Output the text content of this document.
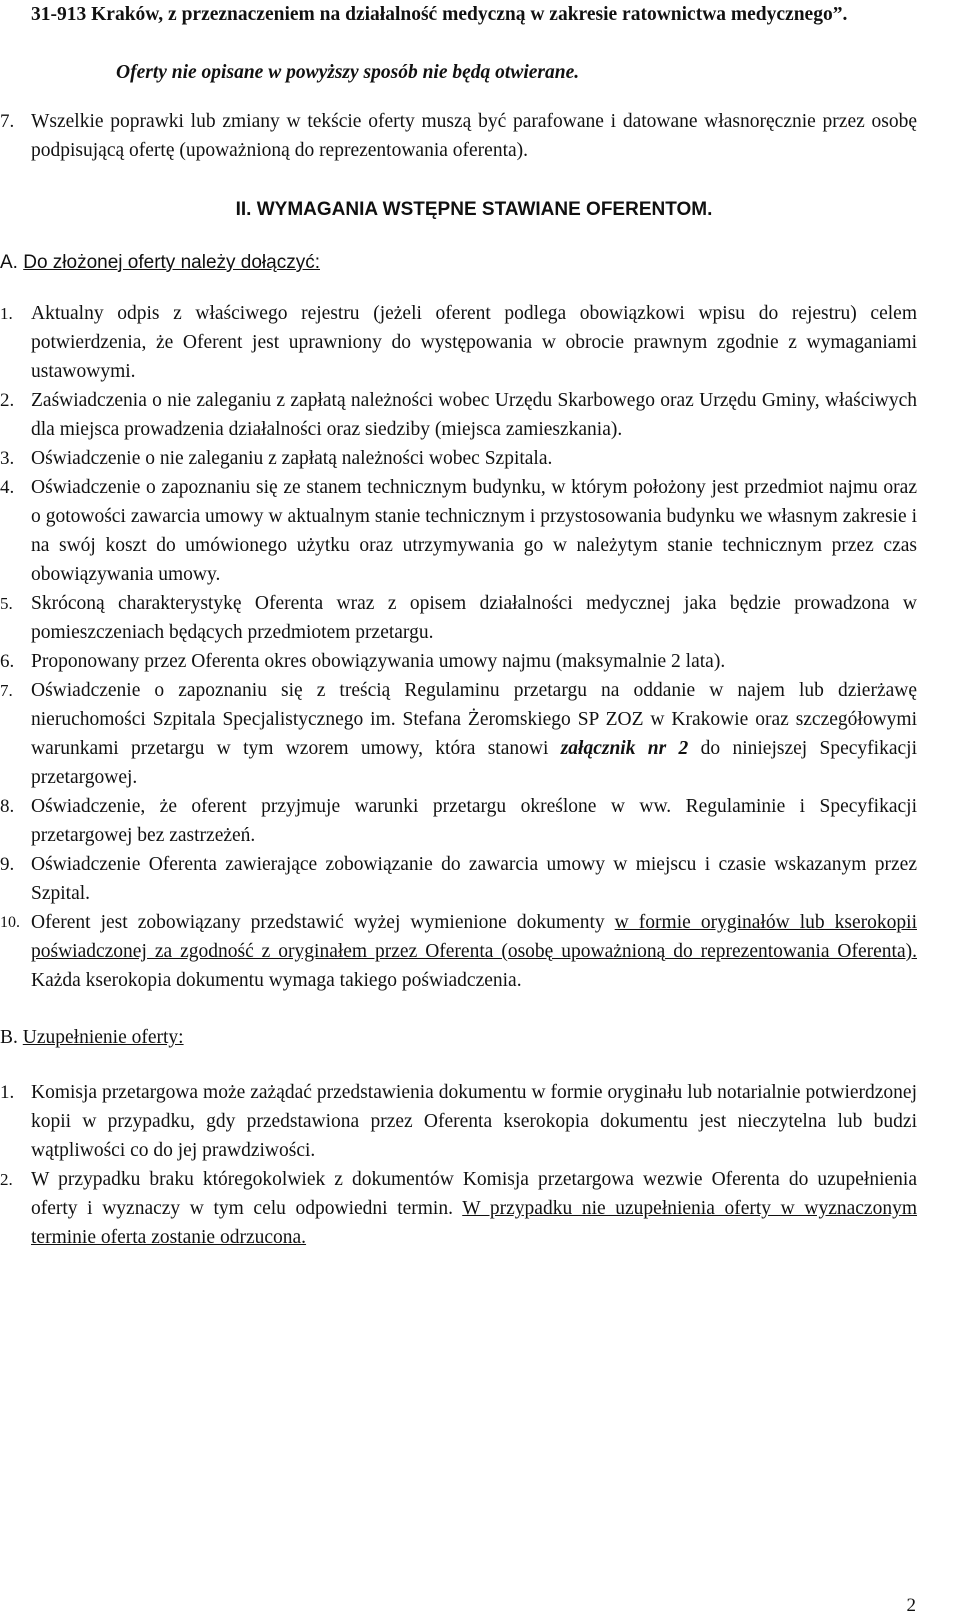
31-913 Kraków, z przeznaczeniem na działalność medyczną w zakresie ratownictwa medycznego”.

Oferty nie opisane w powyższy sposób nie będą otwierane.

7. Wszelkie poprawki lub zmiany w tekście oferty muszą być parafowane i datowane własnoręcznie przez osobę podpisującą ofertę (upoważnioną do reprezentowania oferenta).

II. WYMAGANIA WSTĘPNE STAWIANE OFERENTOM.

A. Do złożonej oferty należy dołączyć:

1. Aktualny odpis z właściwego rejestru (jeżeli oferent podlega obowiązkowi wpisu do rejestru) celem potwierdzenia, że Oferent jest uprawniony do występowania w obrocie prawnym zgodnie z wymaganiami ustawowymi.
2. Zaświadczenia o nie zaleganiu z zapłatą należności wobec Urzędu Skarbowego oraz Urzędu Gminy, właściwych dla miejsca prowadzenia działalności oraz siedziby (miejsca zamieszkania).
3. Oświadczenie o nie zaleganiu z zapłatą należności wobec Szpitala.
4. Oświadczenie o zapoznaniu się ze stanem technicznym budynku, w którym położony jest przedmiot najmu oraz o gotowości zawarcia umowy w aktualnym stanie technicznym i przystosowania budynku we własnym zakresie i na swój koszt do umówionego użytku oraz utrzymywania go w należytym stanie technicznym przez czas obowiązywania umowy.
5. Skróconą charakterystykę Oferenta wraz z opisem działalności medycznej jaka będzie prowadzona w pomieszczeniach będących przedmiotem przetargu.
6. Proponowany przez Oferenta okres obowiązywania umowy najmu (maksymalnie 2 lata).
7. Oświadczenie o zapoznaniu się z treścią Regulaminu przetargu na oddanie w najem lub dzierżawę nieruchomości Szpitala Specjalistycznego im. Stefana Żeromskiego SP ZOZ w Krakowie oraz szczegółowymi warunkami przetargu w tym wzorem umowy, która stanowi załącznik nr 2 do niniejszej Specyfikacji przetargowej.
8. Oświadczenie, że oferent przyjmuje warunki przetargu określone w ww. Regulaminie i Specyfikacji przetargowej bez zastrzeżeń.
9. Oświadczenie Oferenta zawierające zobowiązanie do zawarcia umowy w miejscu i czasie wskazanym przez Szpital.
10. Oferent jest zobowiązany przedstawić wyżej wymienione dokumenty w formie oryginałów lub kserokopii poświadczonej za zgodność z oryginałem przez Oferenta (osobę upoważnioną do reprezentowania Oferenta). Każda kserokopia dokumentu wymaga takiego poświadczenia.

B. Uzupełnienie oferty:

1. Komisja przetargowa może zażądać przedstawienia dokumentu w formie oryginału lub notarialnie potwierdzonej kopii w przypadku, gdy przedstawiona przez Oferenta kserokopia dokumentu jest nieczytelna lub budzi wątpliwości co do jej prawdziwości.
2. W przypadku braku któregokolwiek z dokumentów Komisja przetargowa wezwie Oferenta do uzupełnienia oferty i wyznaczy w tym celu odpowiedni termin. W przypadku nie uzupełnienia oferty w wyznaczonym terminie oferta zostanie odrzucona.
2
